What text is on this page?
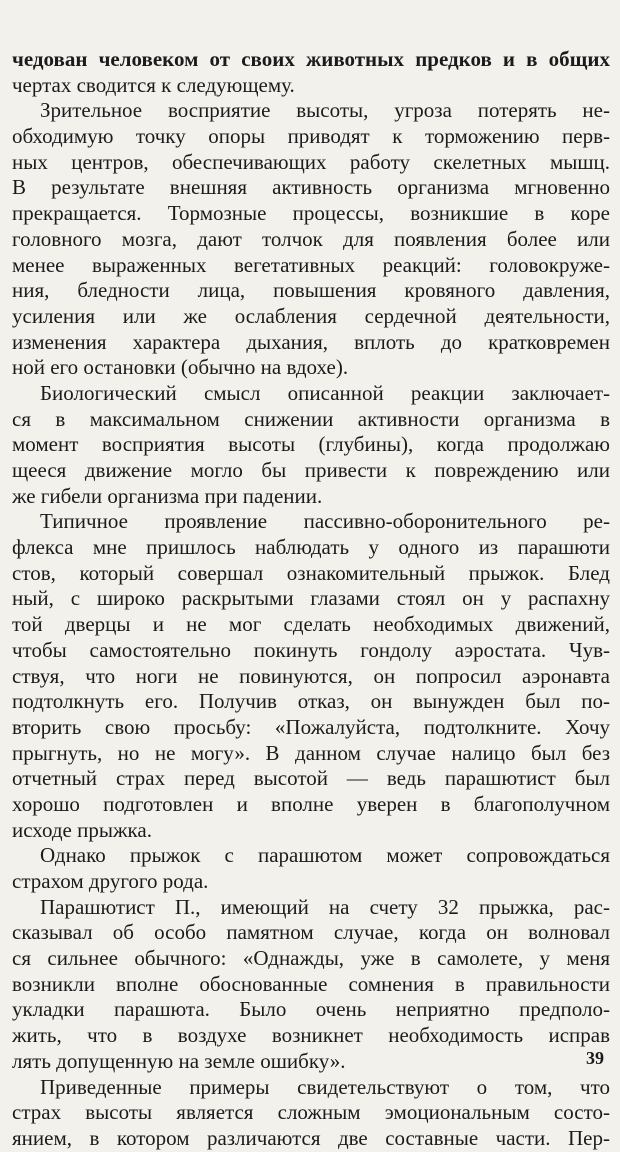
чедован человеком от своих животных предков и в общих
чертах сводится к следующему.
Зрительное восприятие высоты, угроза потерять не-
обходимую точку опоры приводят к торможению перв-
ных центров, обеспечивающих работу скелетных мышц.
В результате внешняя активность организма мгновенно
прекращается. Тормозные процессы, возникшие в коре
головного мозга, дают толчок для появления более или
менее выраженных вегетативных реакций: головокруже-
ния, бледности лица, повышения кровяного давления,
усиления или же ослабления сердечной деятельности,
изменения характера дыхания, вплоть до кратковремен
ной его остановки (обычно на вдохе).
Биологический смысл описанной реакции заключает-
ся в максимальном снижении активности организма в
момент восприятия высоты (глубины), когда продолжаю
щееся движение могло бы привести к повреждению или
же гибели организма при падении.
Типичное проявление пассивно-оборонительного ре-
флекса мне пришлось наблюдать у одного из парашюти
стов, который совершал ознакомительный прыжок. Блед
ный, с широко раскрытыми глазами стоял он у распахну
той дверцы и не мог сделать необходимых движений,
чтобы самостоятельно покинуть гондолу аэростата. Чув-
ствуя, что ноги не повинуются, он попросил аэронавта
подтолкнуть его. Получив отказ, он вынужден был по-
вторить свою просьбу: «Пожалуйста, подтолкните. Хочу
прыгнуть, но не могу». В данном случае налицо был без
отчетный страх перед высотой — ведь парашютист был
хорошо подготовлен и вполне уверен в благополучном
исходе прыжка.
Однако прыжок с парашютом может сопровождаться
страхом другого рода.
Парашютист П., имеющий на счету 32 прыжка, рас-
сказывал об особо памятном случае, когда он волновал
ся сильнее обычного: «Однажды, уже в самолете, у меня
возникли вполне обоснованные сомнения в правильности
укладки парашюта. Было очень неприятно предполо-
жить, что в воздухе возникнет необходимость исправ
лять допущенную на земле ошибку».
Приведенные примеры свидетельствуют о том, что
страх высоты является сложным эмоциональным состо-
янием, в котором различаются две составные части. Пер-
39
